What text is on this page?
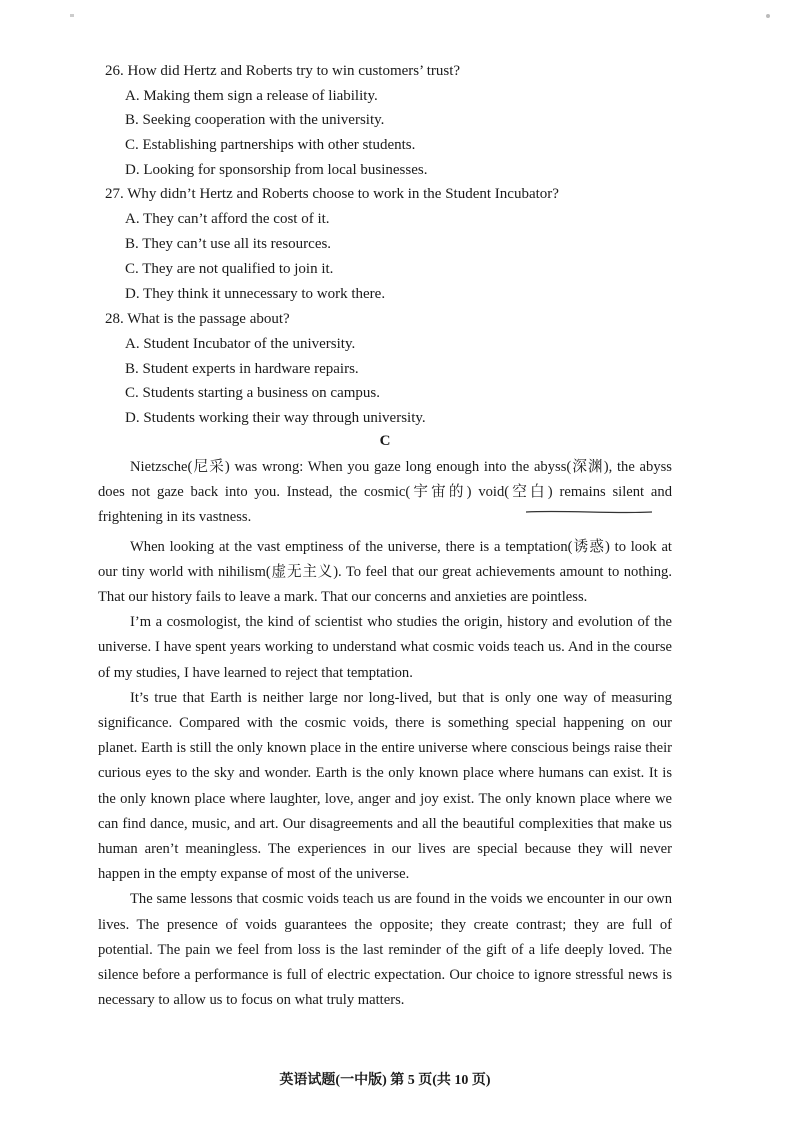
26. How did Hertz and Roberts try to win customers’ trust?
A. Making them sign a release of liability.
B. Seeking cooperation with the university.
C. Establishing partnerships with other students.
D. Looking for sponsorship from local businesses.
27. Why didn’t Hertz and Roberts choose to work in the Student Incubator?
A. They can’t afford the cost of it.
B. They can’t use all its resources.
C. They are not qualified to join it.
D. They think it unnecessary to work there.
28. What is the passage about?
A. Student Incubator of the university.
B. Student experts in hardware repairs.
C. Students starting a business on campus.
D. Students working their way through university.
C

Nietzsche(尼采) was wrong: When you gaze long enough into the abyss(深渊), the abyss does not gaze back into you. Instead, the cosmic(宇宙的) void(空白) remains silent and frightening in its vastness.

When looking at the vast emptiness of the universe, there is a temptation(诱惑) to look at our tiny world with nihilism(虚无主义). To feel that our great achievements amount to nothing. That our history fails to leave a mark. That our concerns and anxieties are pointless.

I’m a cosmologist, the kind of scientist who studies the origin, history and evolution of the universe. I have spent years working to understand what cosmic voids teach us. And in the course of my studies, I have learned to reject that temptation.

It’s true that Earth is neither large nor long-lived, but that is only one way of measuring significance. Compared with the cosmic voids, there is something special happening on our planet. Earth is still the only known place in the entire universe where conscious beings raise their curious eyes to the sky and wonder. Earth is the only known place where humans can exist. It is the only known place where laughter, love, anger and joy exist. The only known place where we can find dance, music, and art. Our disagreements and all the beautiful complexities that make us human aren’t meaningless. The experiences in our lives are special because they will never happen in the empty expanse of most of the universe.

The same lessons that cosmic voids teach us are found in the voids we encounter in our own lives. The presence of voids guarantees the opposite; they create contrast; they are full of potential. The pain we feel from loss is the last reminder of the gift of a life deeply loved. The silence before a performance is full of electric expectation. Our choice to ignore stressful news is necessary to allow us to focus on what truly matters.

英语试题(一中版) 第 5 页(共 10 页)
